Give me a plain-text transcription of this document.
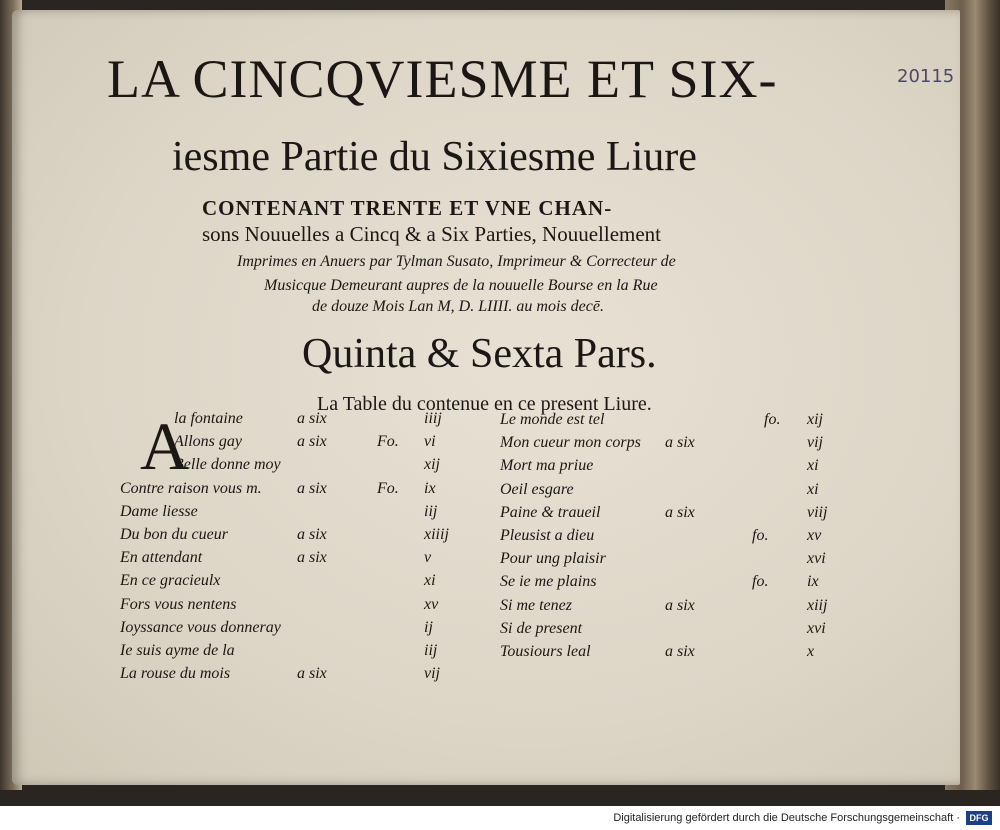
LA CINCQVIESME ET SIX-
iesme Partie du Sixiesme Liure
CONTENANT TRENTE ET VNE CHAN-
sons Nouuelles a Cincq & a Six Parties, Nouuellement
Imprimes en Anuers par Tylman Susato, Imprimeur & Correcteur de
Musicque Demeurant aupres de la nouuelle Bourse en la Rue
de douze Mois Lan M, D. LIIII. au mois decē.
Quinta & Sexta Pars.
La Table du contenue en ce present Liure.
20115
A
la fontaine	a six	iiij
Allons gay	a six	Fo. vi
Belle donne moy	xij
Contre raison vous m. a six	Fo. ix
Dame liesse	iij
Du bon du cueur	a six	xiiij
En attendant	a six	v
En ce gracieulx	xi
Fors vous nentens	xv
Ioyssance vous donneray	ij
Ie suis ayme de la	iij
La rouse du mois	a six	vij
Le monde est tel	fo. xij
Mon cueur mon corps a six	vij
Mort ma priue	xi
Oeil esgare	xi
Paine & traueil	a six	viij
Pleusist a dieu	fo. xv
Pour ung plaisir	xvi
Se ie me plains	fo. ix
Si me tenez	a six	xiij
Si de present	xvi
Tousiours leal	a six	x
Digitalisierung gefördert durch die Deutsche Forschungsgemeinschaft ·	DFG
